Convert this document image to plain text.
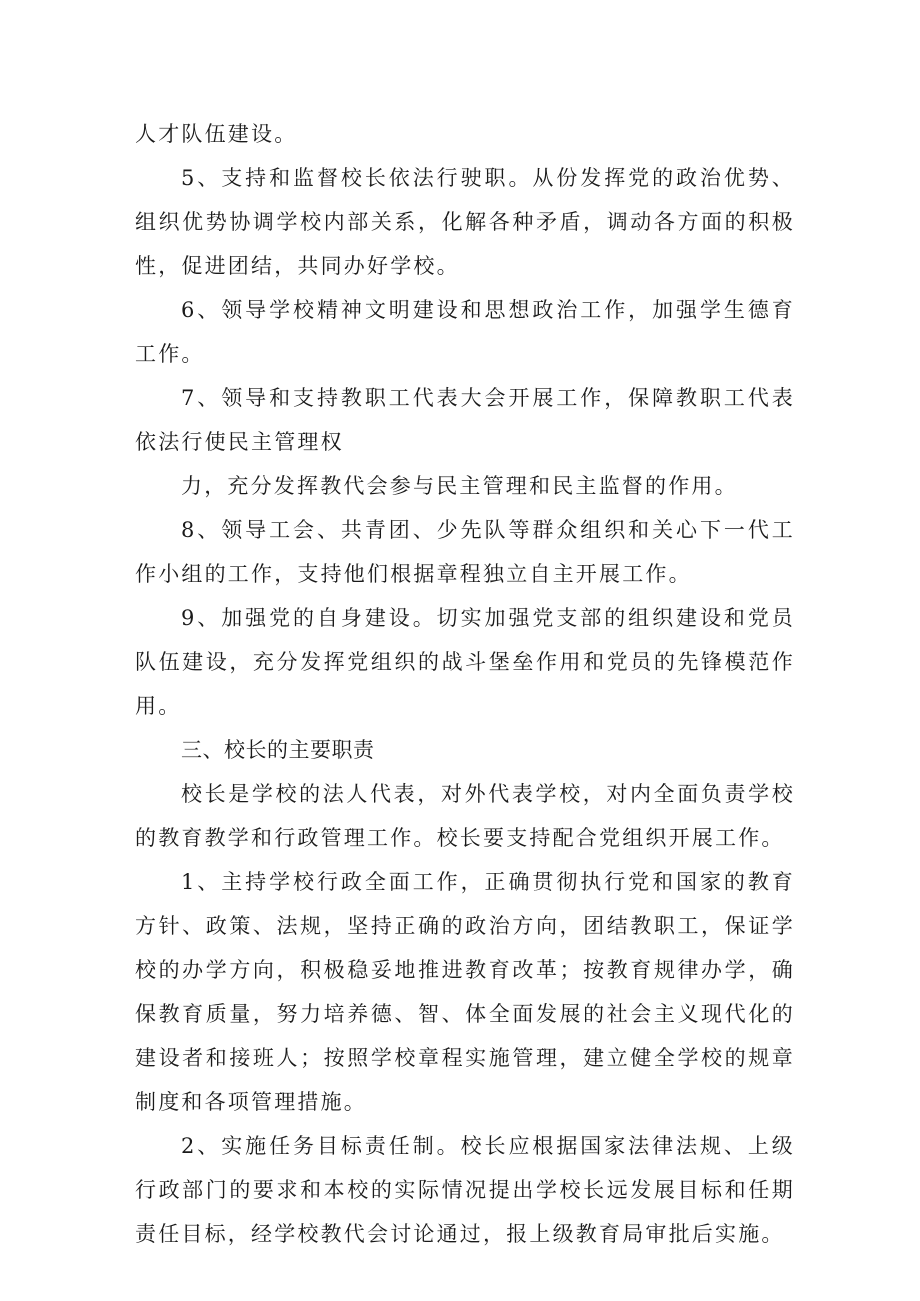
人才队伍建设。

5、支持和监督校长依法行驶职。从份发挥党的政治优势、组织优势协调学校内部关系，化解各种矛盾，调动各方面的积极性，促进团结，共同办好学校。

6、领导学校精神文明建设和思想政治工作，加强学生德育工作。

7、领导和支持教职工代表大会开展工作，保障教职工代表依法行使民主管理权

力，充分发挥教代会参与民主管理和民主监督的作用。

8、领导工会、共青团、少先队等群众组织和关心下一代工作小组的工作，支持他们根据章程独立自主开展工作。

9、加强党的自身建设。切实加强党支部的组织建设和党员队伍建设，充分发挥党组织的战斗堡垒作用和党员的先锋模范作用。

三、校长的主要职责

校长是学校的法人代表，对外代表学校，对内全面负责学校的教育教学和行政管理工作。校长要支持配合党组织开展工作。

1、主持学校行政全面工作，正确贯彻执行党和国家的教育方针、政策、法规，坚持正确的政治方向，团结教职工，保证学校的办学方向，积极稳妥地推进教育改革；按教育规律办学，确保教育质量，努力培养德、智、体全面发展的社会主义现代化的建设者和接班人；按照学校章程实施管理，建立健全学校的规章制度和各项管理措施。

2、实施任务目标责任制。校长应根据国家法律法规、上级行政部门的要求和本校的实际情况提出学校长远发展目标和任期责任目标，经学校教代会讨论通过，报上级教育局审批后实施。
